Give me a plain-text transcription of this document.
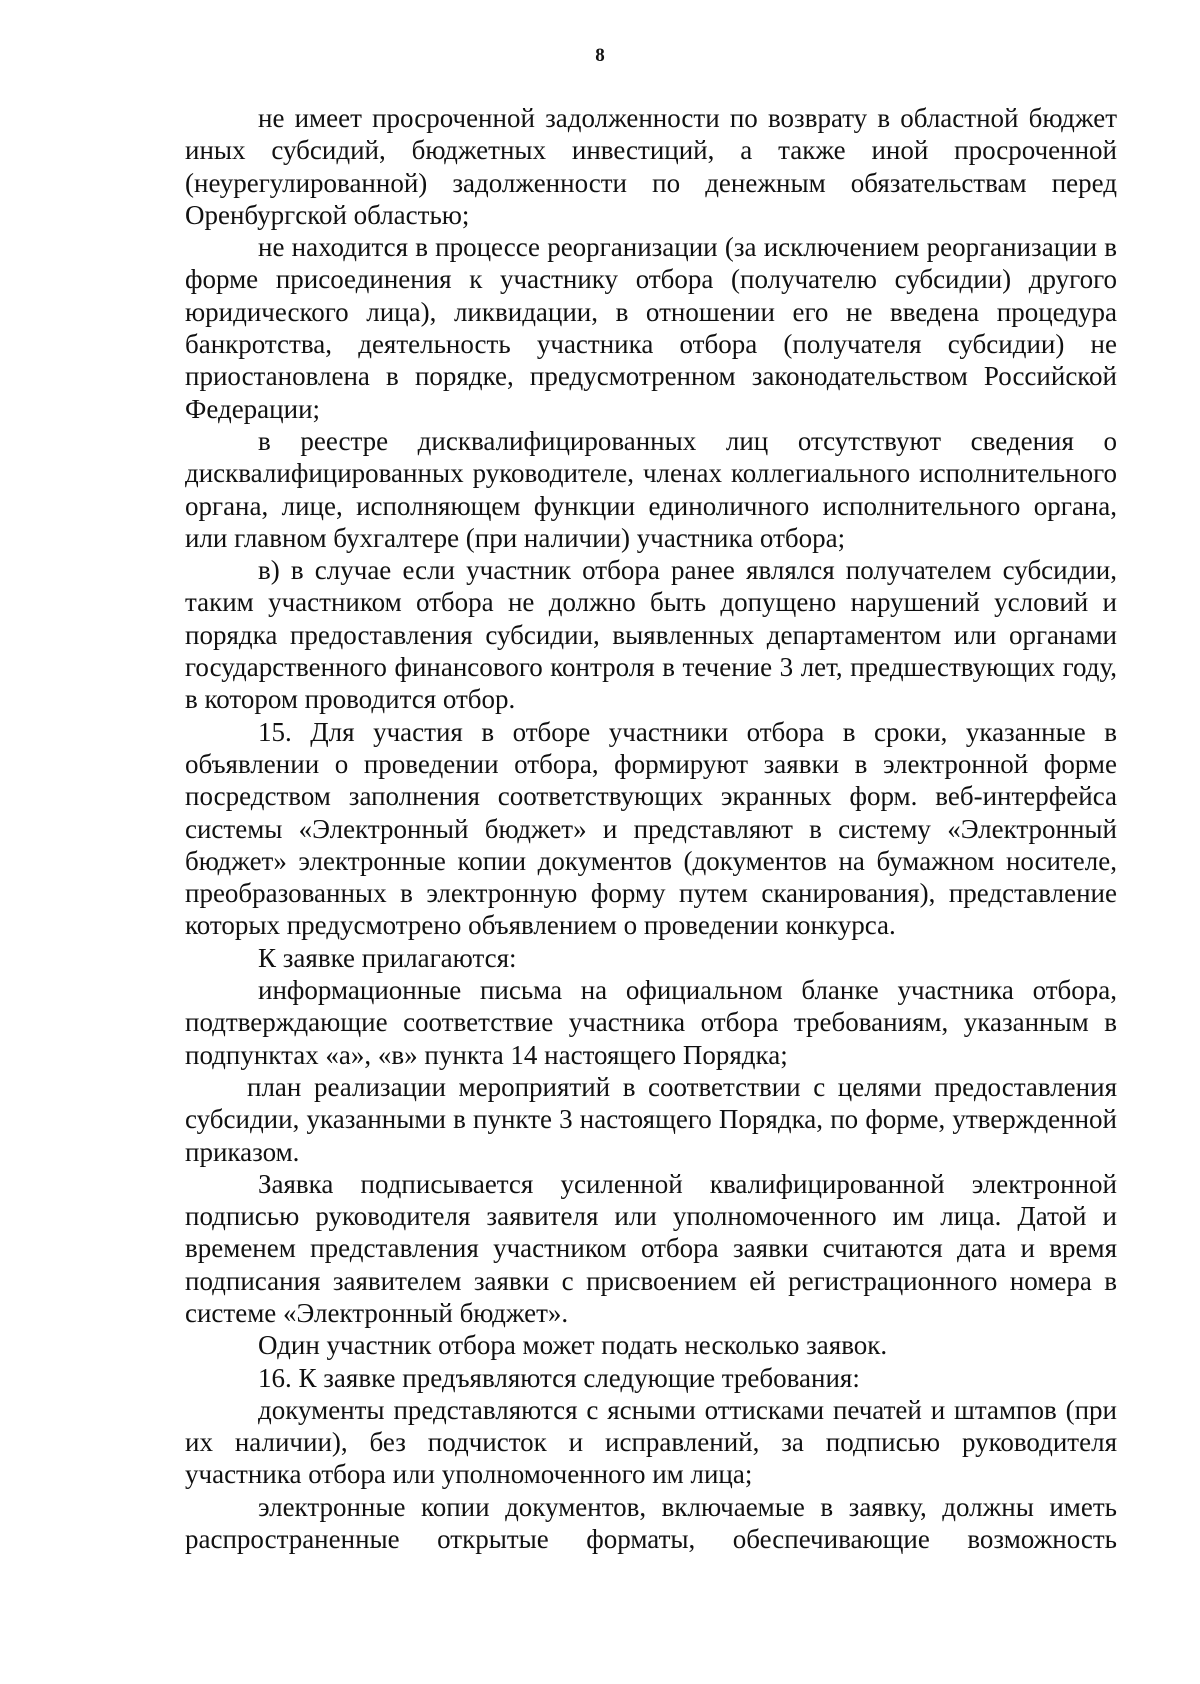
8

не имеет просроченной задолженности по возврату в областной бюджет иных субсидий, бюджетных инвестиций, а также иной просроченной (неурегулированной) задолженности по денежным обязательствам перед Оренбургской областью;

не находится в процессе реорганизации (за исключением реорганизации в форме присоединения к участнику отбора (получателю субсидии) другого юридического лица), ликвидации, в отношении его не введена процедура банкротства, деятельность участника отбора (получателя субсидии) не приостановлена в порядке, предусмотренном законодательством Российской Федерации;

в реестре дисквалифицированных лиц отсутствуют сведения о дисквалифицированных руководителе, членах коллегиального исполнительного органа, лице, исполняющем функции единоличного исполнительного органа, или главном бухгалтере (при наличии) участника отбора;

в) в случае если участник отбора ранее являлся получателем субсидии, таким участником отбора не должно быть допущено нарушений условий и порядка предоставления субсидии, выявленных департаментом или органами государственного финансового контроля в течение 3 лет, предшествующих году, в котором проводится отбор.

15. Для участия в отборе участники отбора в сроки, указанные в объявлении о проведении отбора, формируют заявки в электронной форме посредством заполнения соответствующих экранных форм. веб-интерфейса системы «Электронный бюджет» и представляют в систему «Электронный бюджет» электронные копии документов (документов на бумажном носителе, преобразованных в электронную форму путем сканирования), представление которых предусмотрено объявлением о проведении конкурса.

К заявке прилагаются:

информационные письма на официальном бланке участника отбора, подтверждающие соответствие участника отбора требованиям, указанным в подпунктах «а», «в» пункта 14 настоящего Порядка;

план реализации мероприятий в соответствии с целями предоставления субсидии, указанными в пункте 3 настоящего Порядка, по форме, утвержденной приказом.

Заявка подписывается усиленной квалифицированной электронной подписью руководителя заявителя или уполномоченного им лица. Датой и временем представления участником отбора заявки считаются дата и время подписания заявителем заявки с присвоением ей регистрационного номера в системе «Электронный бюджет».

Один участник отбора может подать несколько заявок.

16. К заявке предъявляются следующие требования:

документы представляются с ясными оттисками печатей и штампов (при их наличии), без подчисток и исправлений, за подписью руководителя участника отбора или уполномоченного им лица;

электронные копии документов, включаемые в заявку, должны иметь распространенные открытые форматы, обеспечивающие возможность
